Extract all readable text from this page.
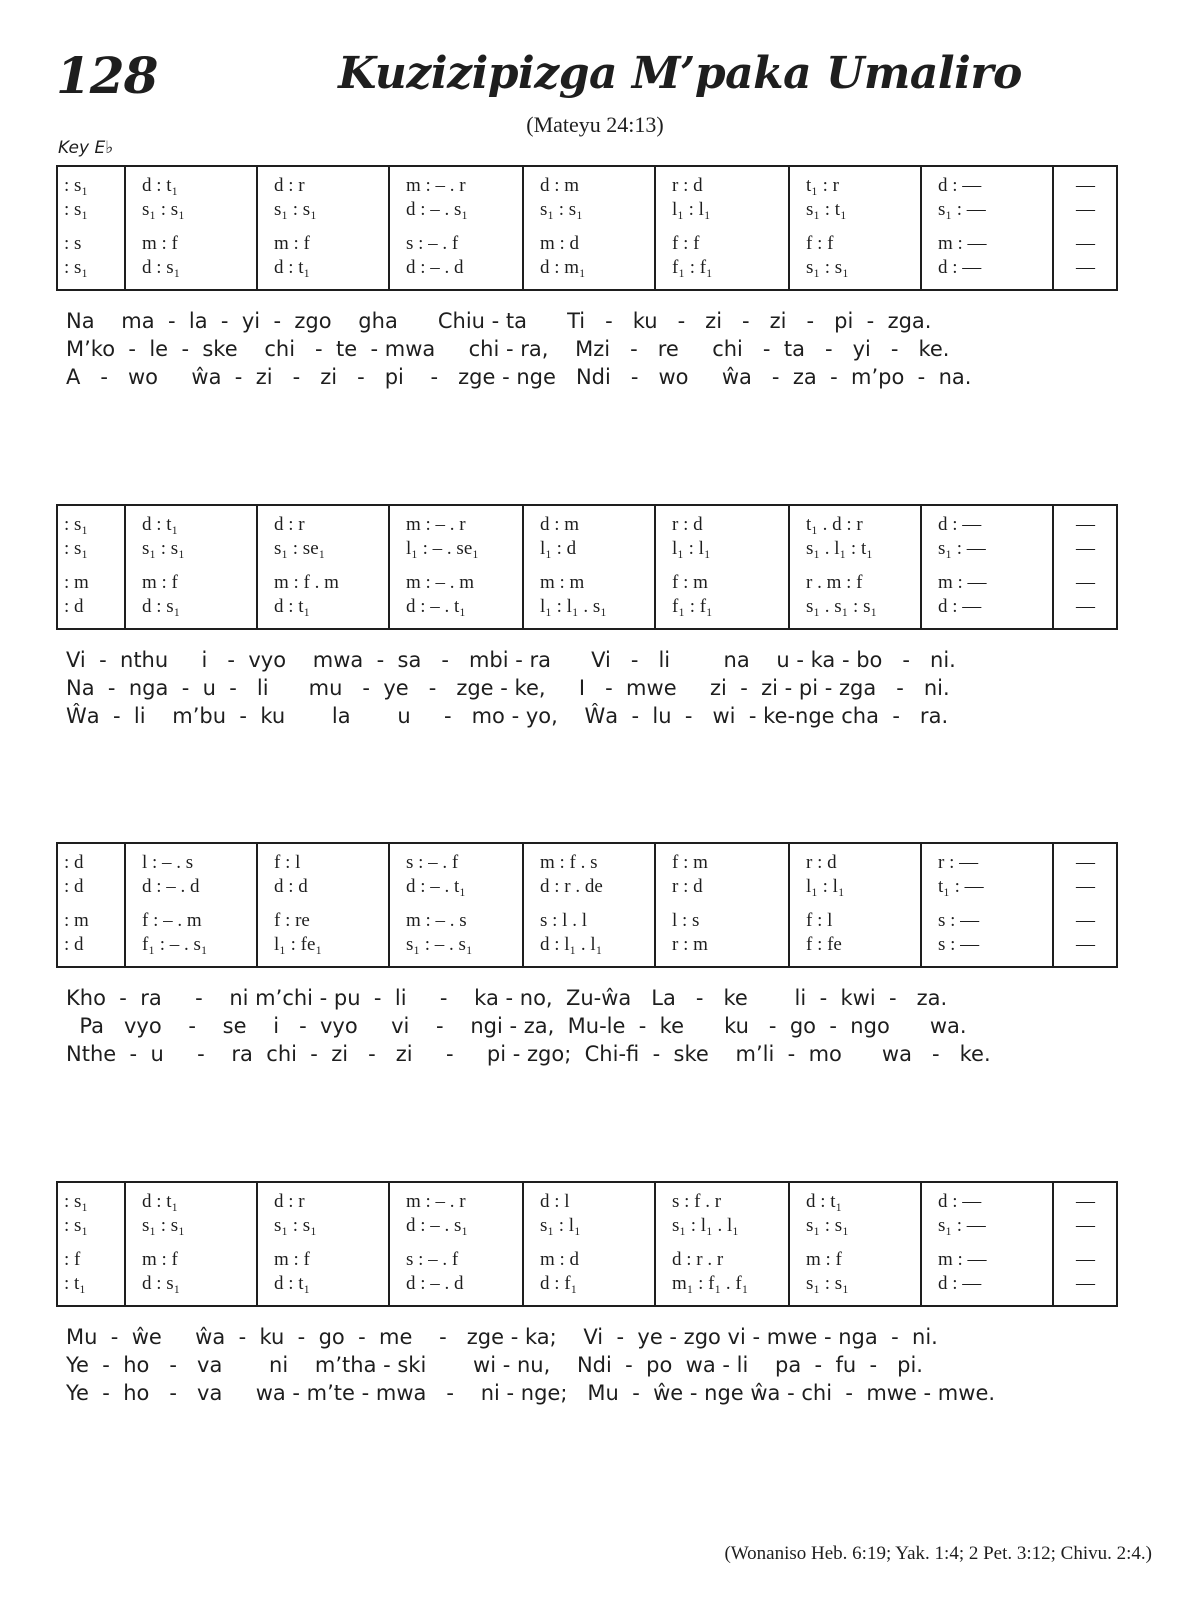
128	Kuzizipizga M’paka Umaliro
(Mateyu 24:13)
Key E♭
: s₁
: s₁
: s
: s₁
d : t₁
s₁ : s₁
m : f
d : s₁
d : r
s₁ : s₁
m : f
d : t₁
m : – . r
d : – . s₁
s : – . f
d : – . d
d : m
s₁ : s₁
m : d
d : m₁
r : d
l₁ : l₁
f : f
f₁ : f₁
t₁ : r
s₁ : t₁
f : f
s₁ : s₁
d : —
s₁ : —
m : —
d : —
—
—
—
—
Na    ma  -  la  -  yi  -  zgo    gha      Chiu - ta      Ti   -   ku   -   zi   -   zi   -   pi  -  zga.
M’ko  -  le  -  ske    chi   -  te  - mwa     chi - ra,    Mzi   -   re     chi   -  ta   -   yi   -   ke.
A   -   wo     ŵa  -  zi   -   zi   -   pi    -   zge - nge   Ndi   -   wo     ŵa   -  za  -  m’po  -  na.
: s₁
: s₁
: m
: d
d : t₁
s₁ : s₁
m : f
d : s₁
d : r
s₁ : se₁
m : f . m
d : t₁
m : – . r
l₁ : – . se₁
m : – . m
d : – . t₁
d : m
l₁ : d
m : m
l₁ : l₁ . s₁
r : d
l₁ : l₁
f : m
f₁ : f₁
t₁ . d : r
s₁ . l₁ : t₁
r . m : f
s₁ . s₁ : s₁
d : —
s₁ : —
m : —
d : —
—
—
—
—
Vi  -  nthu     i   -  vyo    mwa  -  sa   -   mbi - ra      Vi   -   li        na    u - ka - bo   -   ni.
Na  -  nga  -  u  -   li      mu   -  ye   -   zge - ke,     I   -  mwe     zi  -  zi - pi - zga   -   ni.
Ŵa  -  li    m’bu  -  ku       la       u     -   mo - yo,    Ŵa  -  lu  -   wi  - ke-nge cha  -   ra.
: d
: d
: m
: d
l : – . s
d : – . d
f : – . m
f₁ : – . s₁
f : l
d : d
f : re
l₁ : fe₁
s : – . f
d : – . t₁
m : – . s
s₁ : – . s₁
m : f . s
d : r . de
s : l . l
d : l₁ . l₁
f : m
r : d
l : s
r : m
r : d
l₁ : l₁
f : l
f : fe
r : —
t₁ : —
s : —
s : —
—
—
—
—
Kho  -  ra     -    ni m’chi - pu  -  li     -    ka - no,  Zu-ŵa   La   -   ke       li  -  kwi  -   za.
Pa   vyo    -    se    i   -  vyo     vi    -    ngi - za,  Mu-le  -  ke      ku   -  go  -  ngo      wa.
Nthe  -  u     -    ra  chi  -  zi   -   zi     -     pi - zgo;  Chi-fi  -  ske    m’li  -  mo      wa   -   ke.
: s₁
: s₁
: f
: t₁
d : t₁
s₁ : s₁
m : f
d : s₁
d : r
s₁ : s₁
m : f
d : t₁
m : – . r
d : – . s₁
s : – . f
d : – . d
d : l
s₁ : l₁
m : d
d : f₁
s : f . r
s₁ : l₁ . l₁
d : r . r
m₁ : f₁ . f₁
d : t₁
s₁ : s₁
m : f
s₁ : s₁
d : —
s₁ : —
m : —
d : —
—
—
—
—
Mu  -  ŵe     ŵa  -  ku  -  go  -  me    -   zge - ka;    Vi  -  ye - zgo vi - mwe - nga  -  ni.
Ye  -  ho   -   va       ni    m’tha - ski       wi - nu,    Ndi  -  po  wa - li    pa  -  fu  -   pi.
Ye  -  ho   -   va     wa - m’te - mwa   -    ni - nge;   Mu  -  ŵe - nge ŵa - chi  -  mwe - mwe.
(Wonaniso Heb. 6:19; Yak. 1:4; 2 Pet. 3:12; Chivu. 2:4.)
